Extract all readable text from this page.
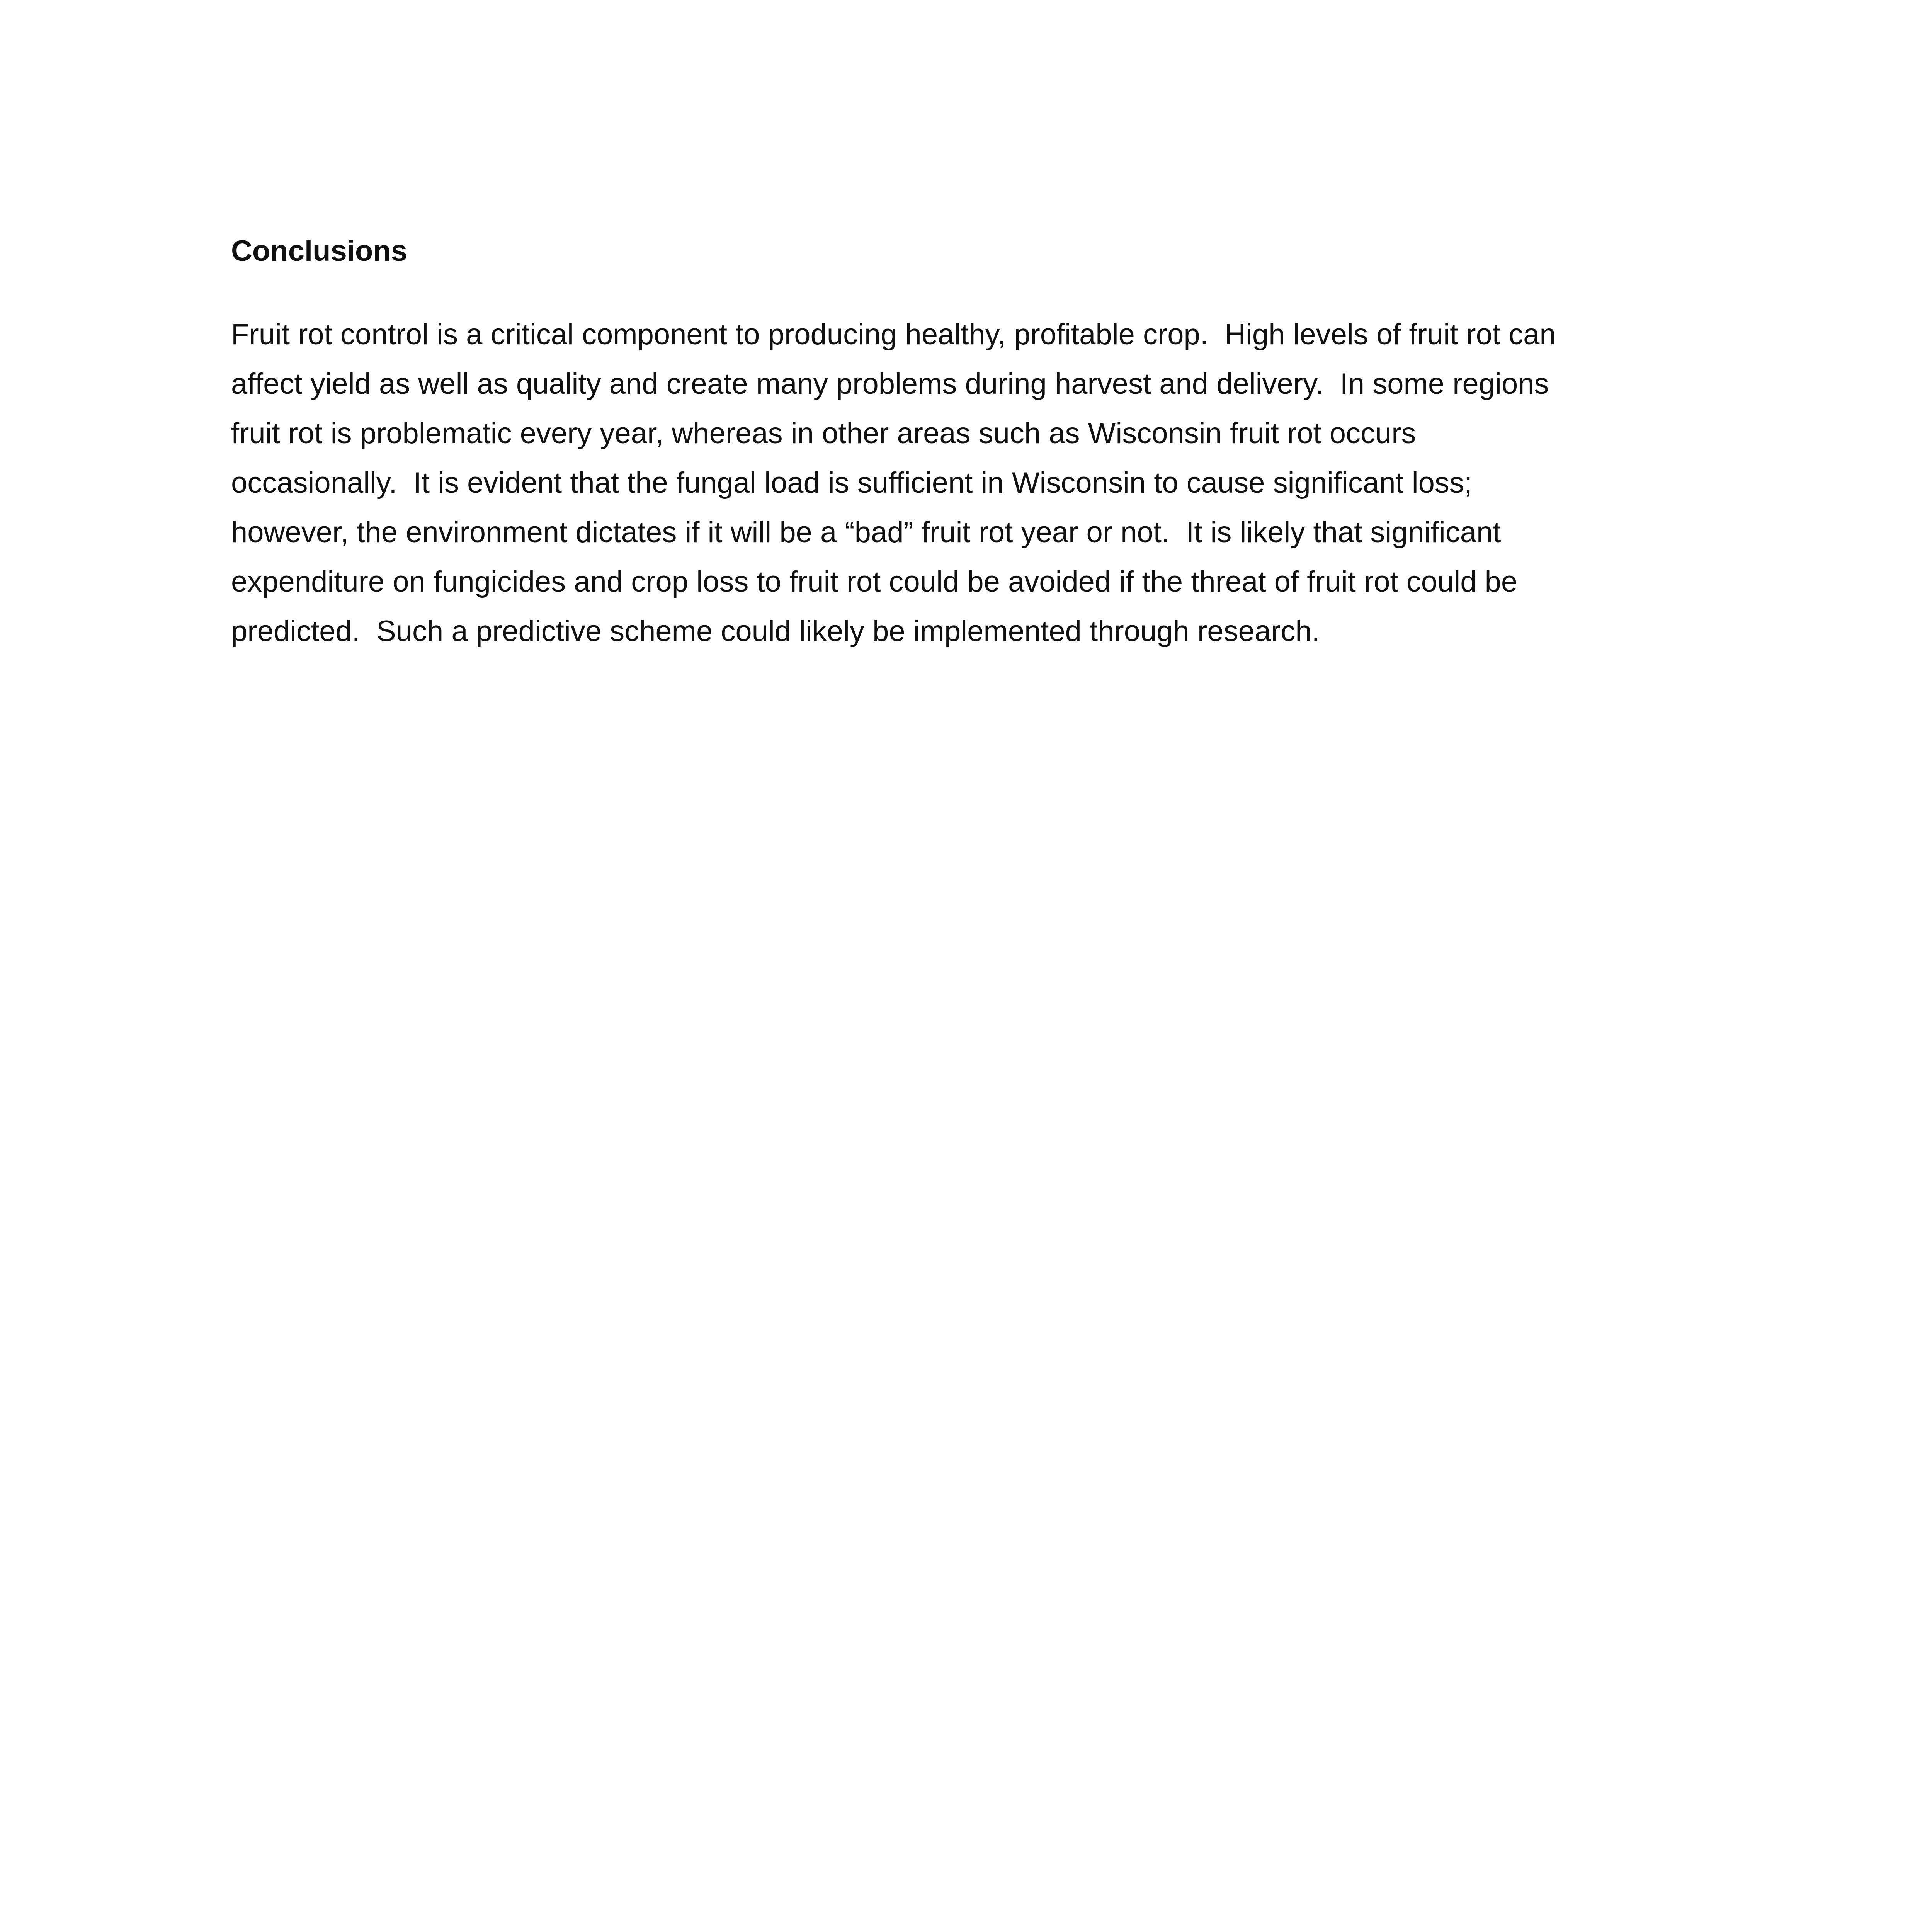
Conclusions

Fruit rot control is a critical component to producing healthy, profitable crop.  High levels of fruit rot can
affect yield as well as quality and create many problems during harvest and delivery.  In some regions
fruit rot is problematic every year, whereas in other areas such as Wisconsin fruit rot occurs
occasionally.  It is evident that the fungal load is sufficient in Wisconsin to cause significant loss;
however, the environment dictates if it will be a “bad” fruit rot year or not.  It is likely that significant
expenditure on fungicides and crop loss to fruit rot could be avoided if the threat of fruit rot could be
predicted.  Such a predictive scheme could likely be implemented through research.
